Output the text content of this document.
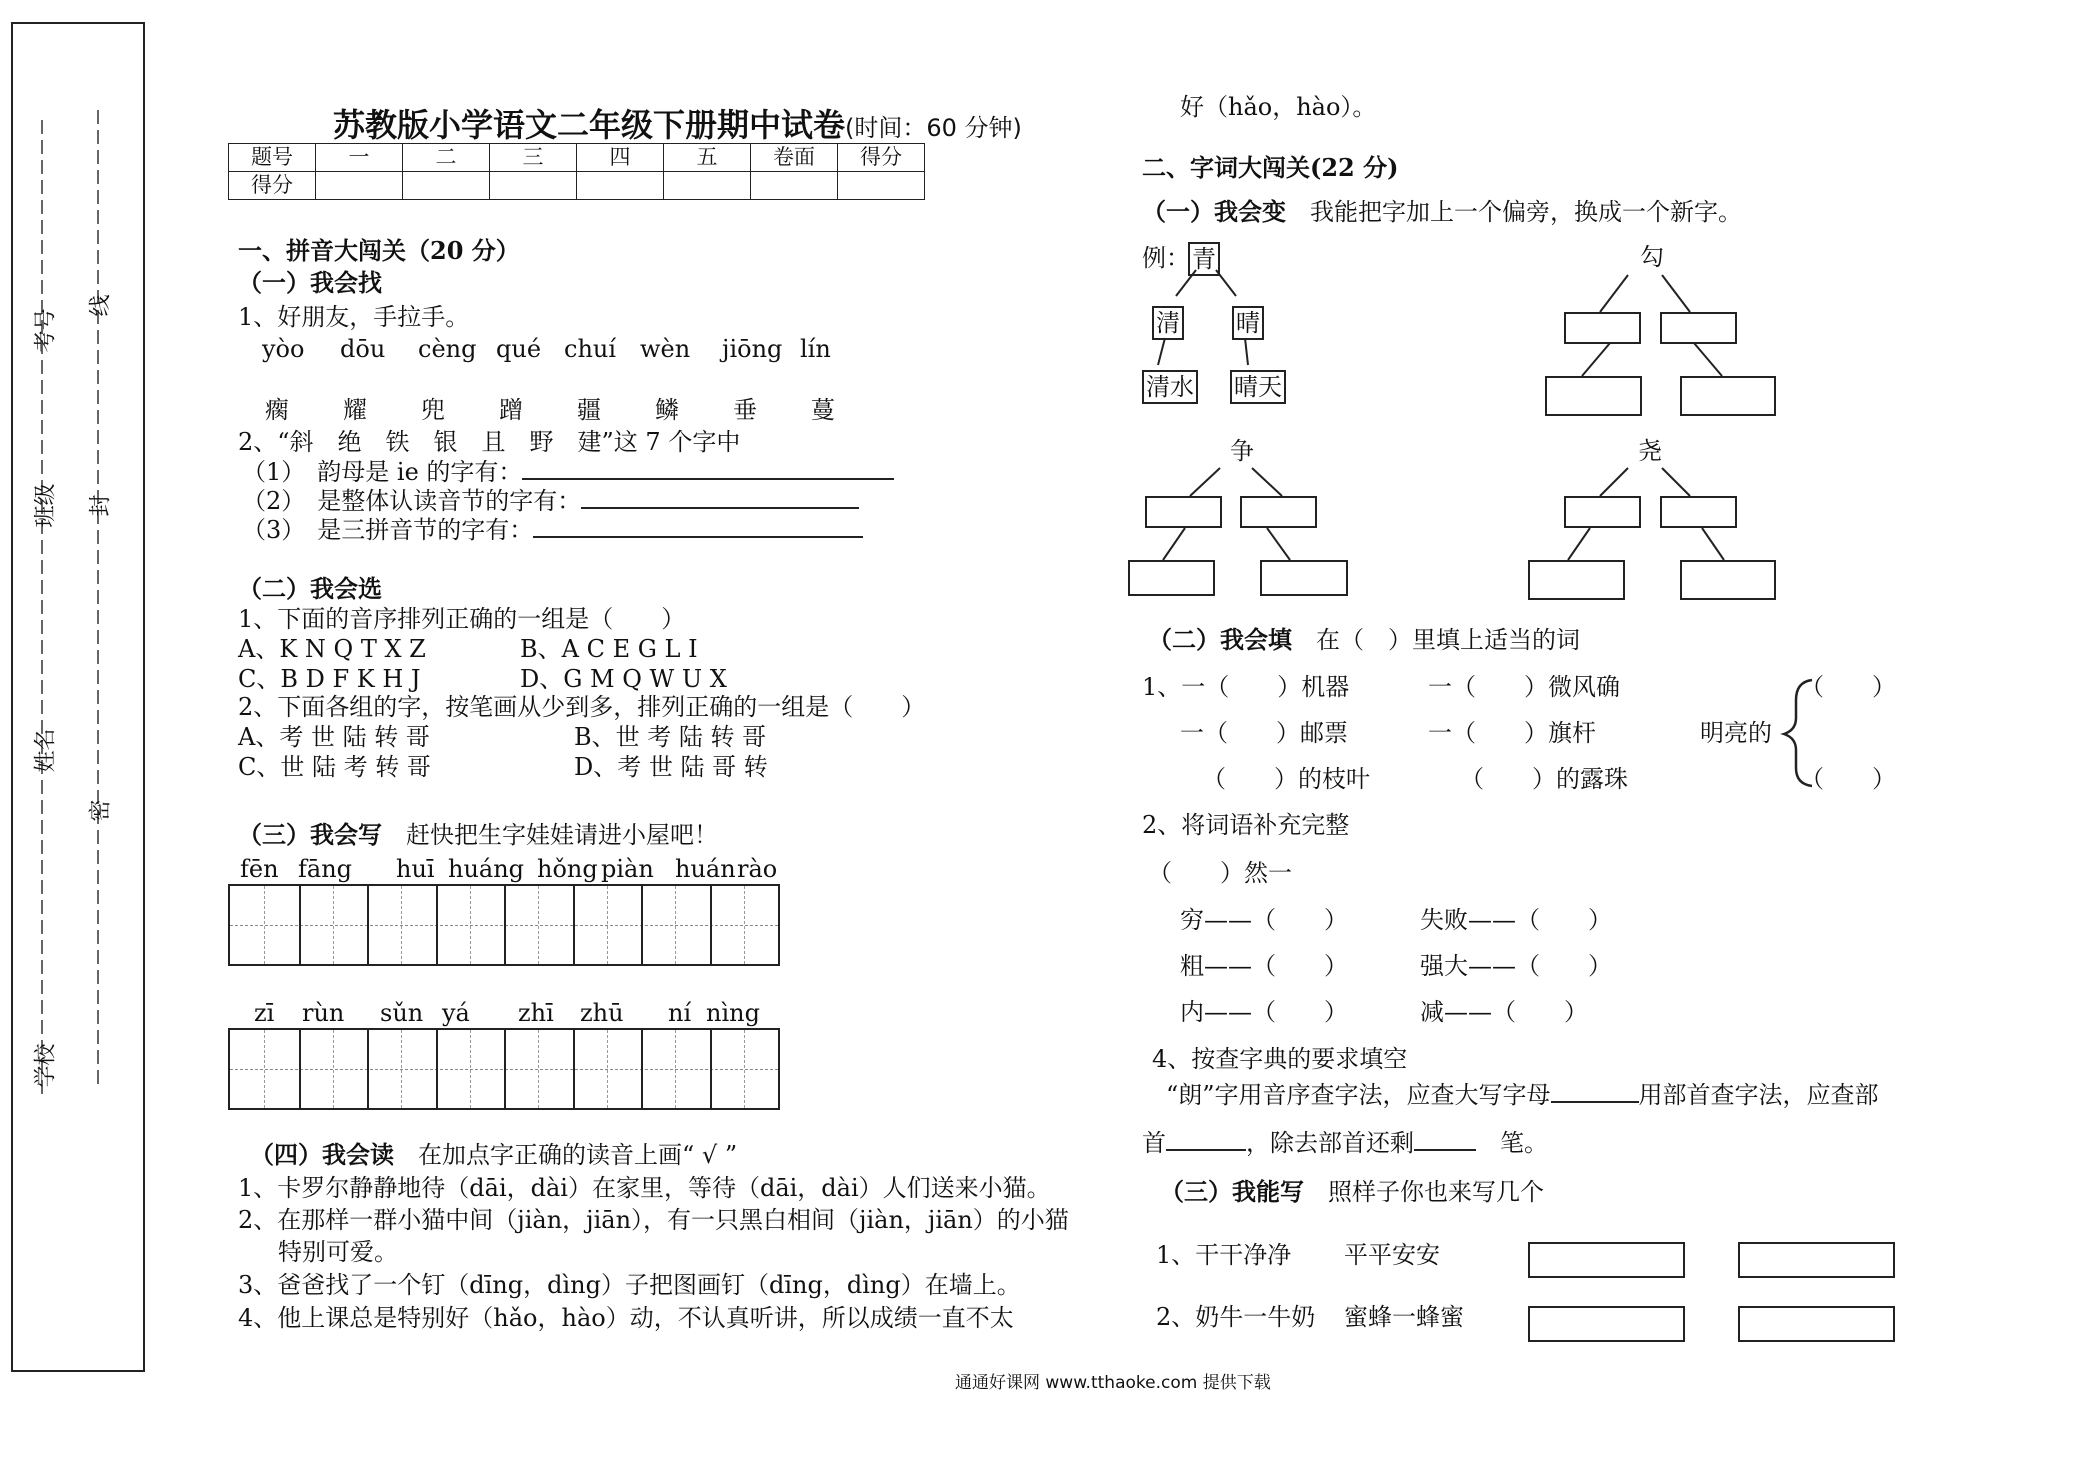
学校
姓名
班级
考号
线
封
密
苏教版小学语文二年级下册期中试卷(时间：60 分钟)
题号	一	二	三	四	五	卷面	得分
得分							
一、拼音大闯关（20 分）
（一）我会找
1、好朋友，手拉手。
yòo dōu cèng qué chuí wèn jiōng lín
瘸 耀 兜 蹭 疆 鳞 垂 蔓
2、“斜　绝　铁　银　且　野　建”这 7 个字中
（1）　韵母是 ie 的字有：
（2）　是整体认读音节的字有：
（3）　是三拼音节的字有：
（二）我会选
1、下面的音序排列正确的一组是（　　）
A、K N Q T X Z	B、A C E G L I
C、B D F K H J	D、G M Q W U X
2、下面各组的字，按笔画从少到多，排列正确的一组是（　　）
A、考 世 陆 转 哥	B、世 考 陆 转 哥
C、世 陆 考 转 哥	D、考 世 陆 哥 转
（三）我会写　 赶快把生字娃娃请进小屋吧！
fēn fāng huī huáng hǒng piàn huánrào
zī rùn sǔn yá zhī zhū ní nìng
（四）我会读　 在加点字正确的读音上画“ √ ”
1、卡罗尔静静地待（dāi，dài）在家里，等待（dāi，dài）人们送来小猫。
2、在那样一群小猫中间（jiàn，jiān），有一只黑白相间（jiàn，jiān）的小猫
特别可爱。
3、爸爸找了一个钉（dīng，dìng）子把图画钉（dīng，dìng）在墙上。
4、他上课总是特别好（hǎo，hào）动，不认真听讲，所以成绩一直不太
好（hǎo，hào）。
二、字词大闯关(22 分)
（一）我会变　 我能把字加上一个偏旁，换成一个新字。
例： 青
清 晴
清水 晴天
勾
争	尧
（二）我会填　 在（　）里填上适当的词
1、一（　　）机器	一（　　）微风确
一（　　）邮票	一（　　）旗杆
（　　）的枝叶	（　　）的露珠
明亮的
（　　）
（　　）
2、将词语补充完整
（　　）然一
穷——（　　）	失败——（　　）
粗——（　　）	强大——（　　）
内——（　　）	减——（　　）
4、按查字典的要求填空
“朗”字用音序查字法，应查大写字母	用部首查字法，应查部
首	，除去部首还剩　	笔。
（三）我能写　 照样子你也来写几个
1、干干净净 平平安安
2、奶牛一牛奶 蜜蜂一蜂蜜
通通好课网 www.tthaoke.com 提供下载
